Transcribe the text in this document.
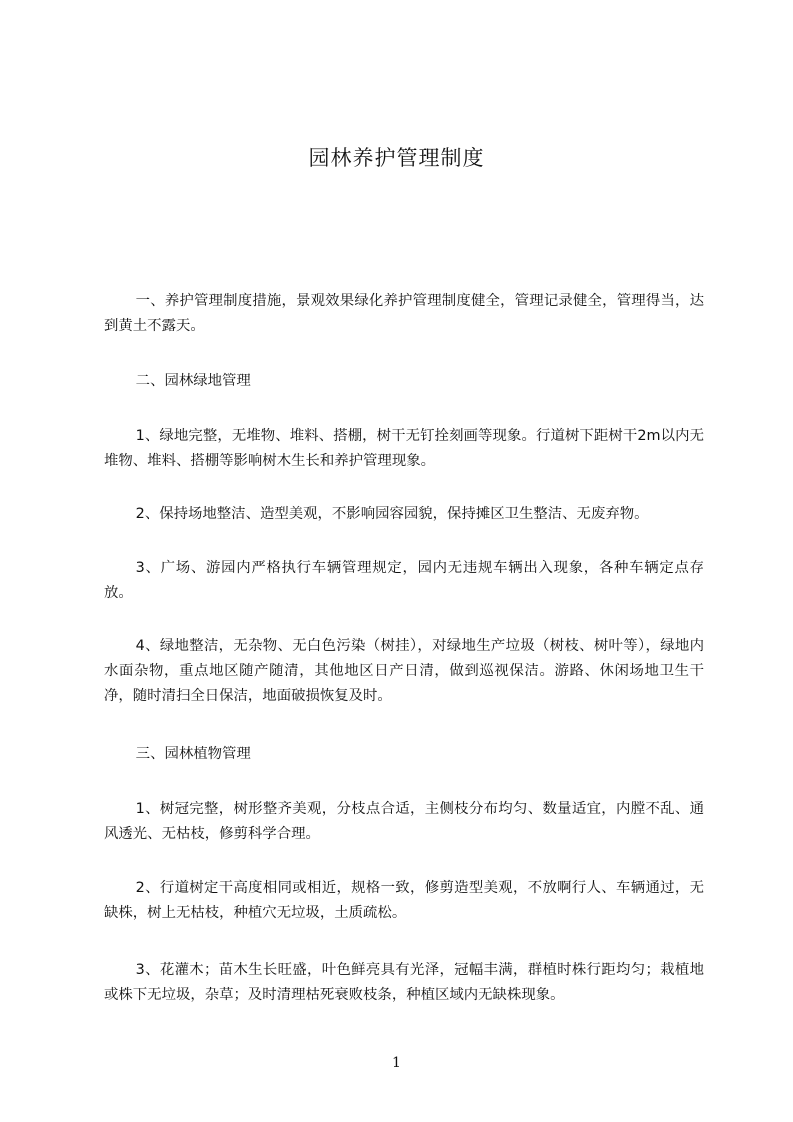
园林养护管理制度

一、养护管理制度措施，景观效果绿化养护管理制度健全，管理记录健全，管理得当，达到黄土不露天。

二、园林绿地管理

1、绿地完整，无堆物、堆料、搭棚，树干无钉拴刻画等现象。行道树下距树干2m以内无堆物、堆料、搭棚等影响树木生长和养护管理现象。

2、保持场地整洁、造型美观，不影响园容园貌，保持摊区卫生整洁、无废弃物。

3、广场、游园内严格执行车辆管理规定，园内无违规车辆出入现象，各种车辆定点存放。

4、绿地整洁，无杂物、无白色污染（树挂），对绿地生产垃圾（树枝、树叶等），绿地内水面杂物，重点地区随产随清，其他地区日产日清，做到巡视保洁。游路、休闲场地卫生干净，随时清扫全日保洁，地面破损恢复及时。

三、园林植物管理

1、树冠完整，树形整齐美观，分枝点合适，主侧枝分布均匀、数量适宜，内膛不乱、通风透光、无枯枝，修剪科学合理。

2、行道树定干高度相同或相近，规格一致，修剪造型美观，不放啊行人、车辆通过，无缺株，树上无枯枝，种植穴无垃圾，土质疏松。

3、花灌木；苗木生长旺盛，叶色鲜亮具有光泽，冠幅丰满，群植时株行距均匀；栽植地或株下无垃圾，杂草；及时清理枯死衰败枝条，种植区域内无缺株现象。

1
